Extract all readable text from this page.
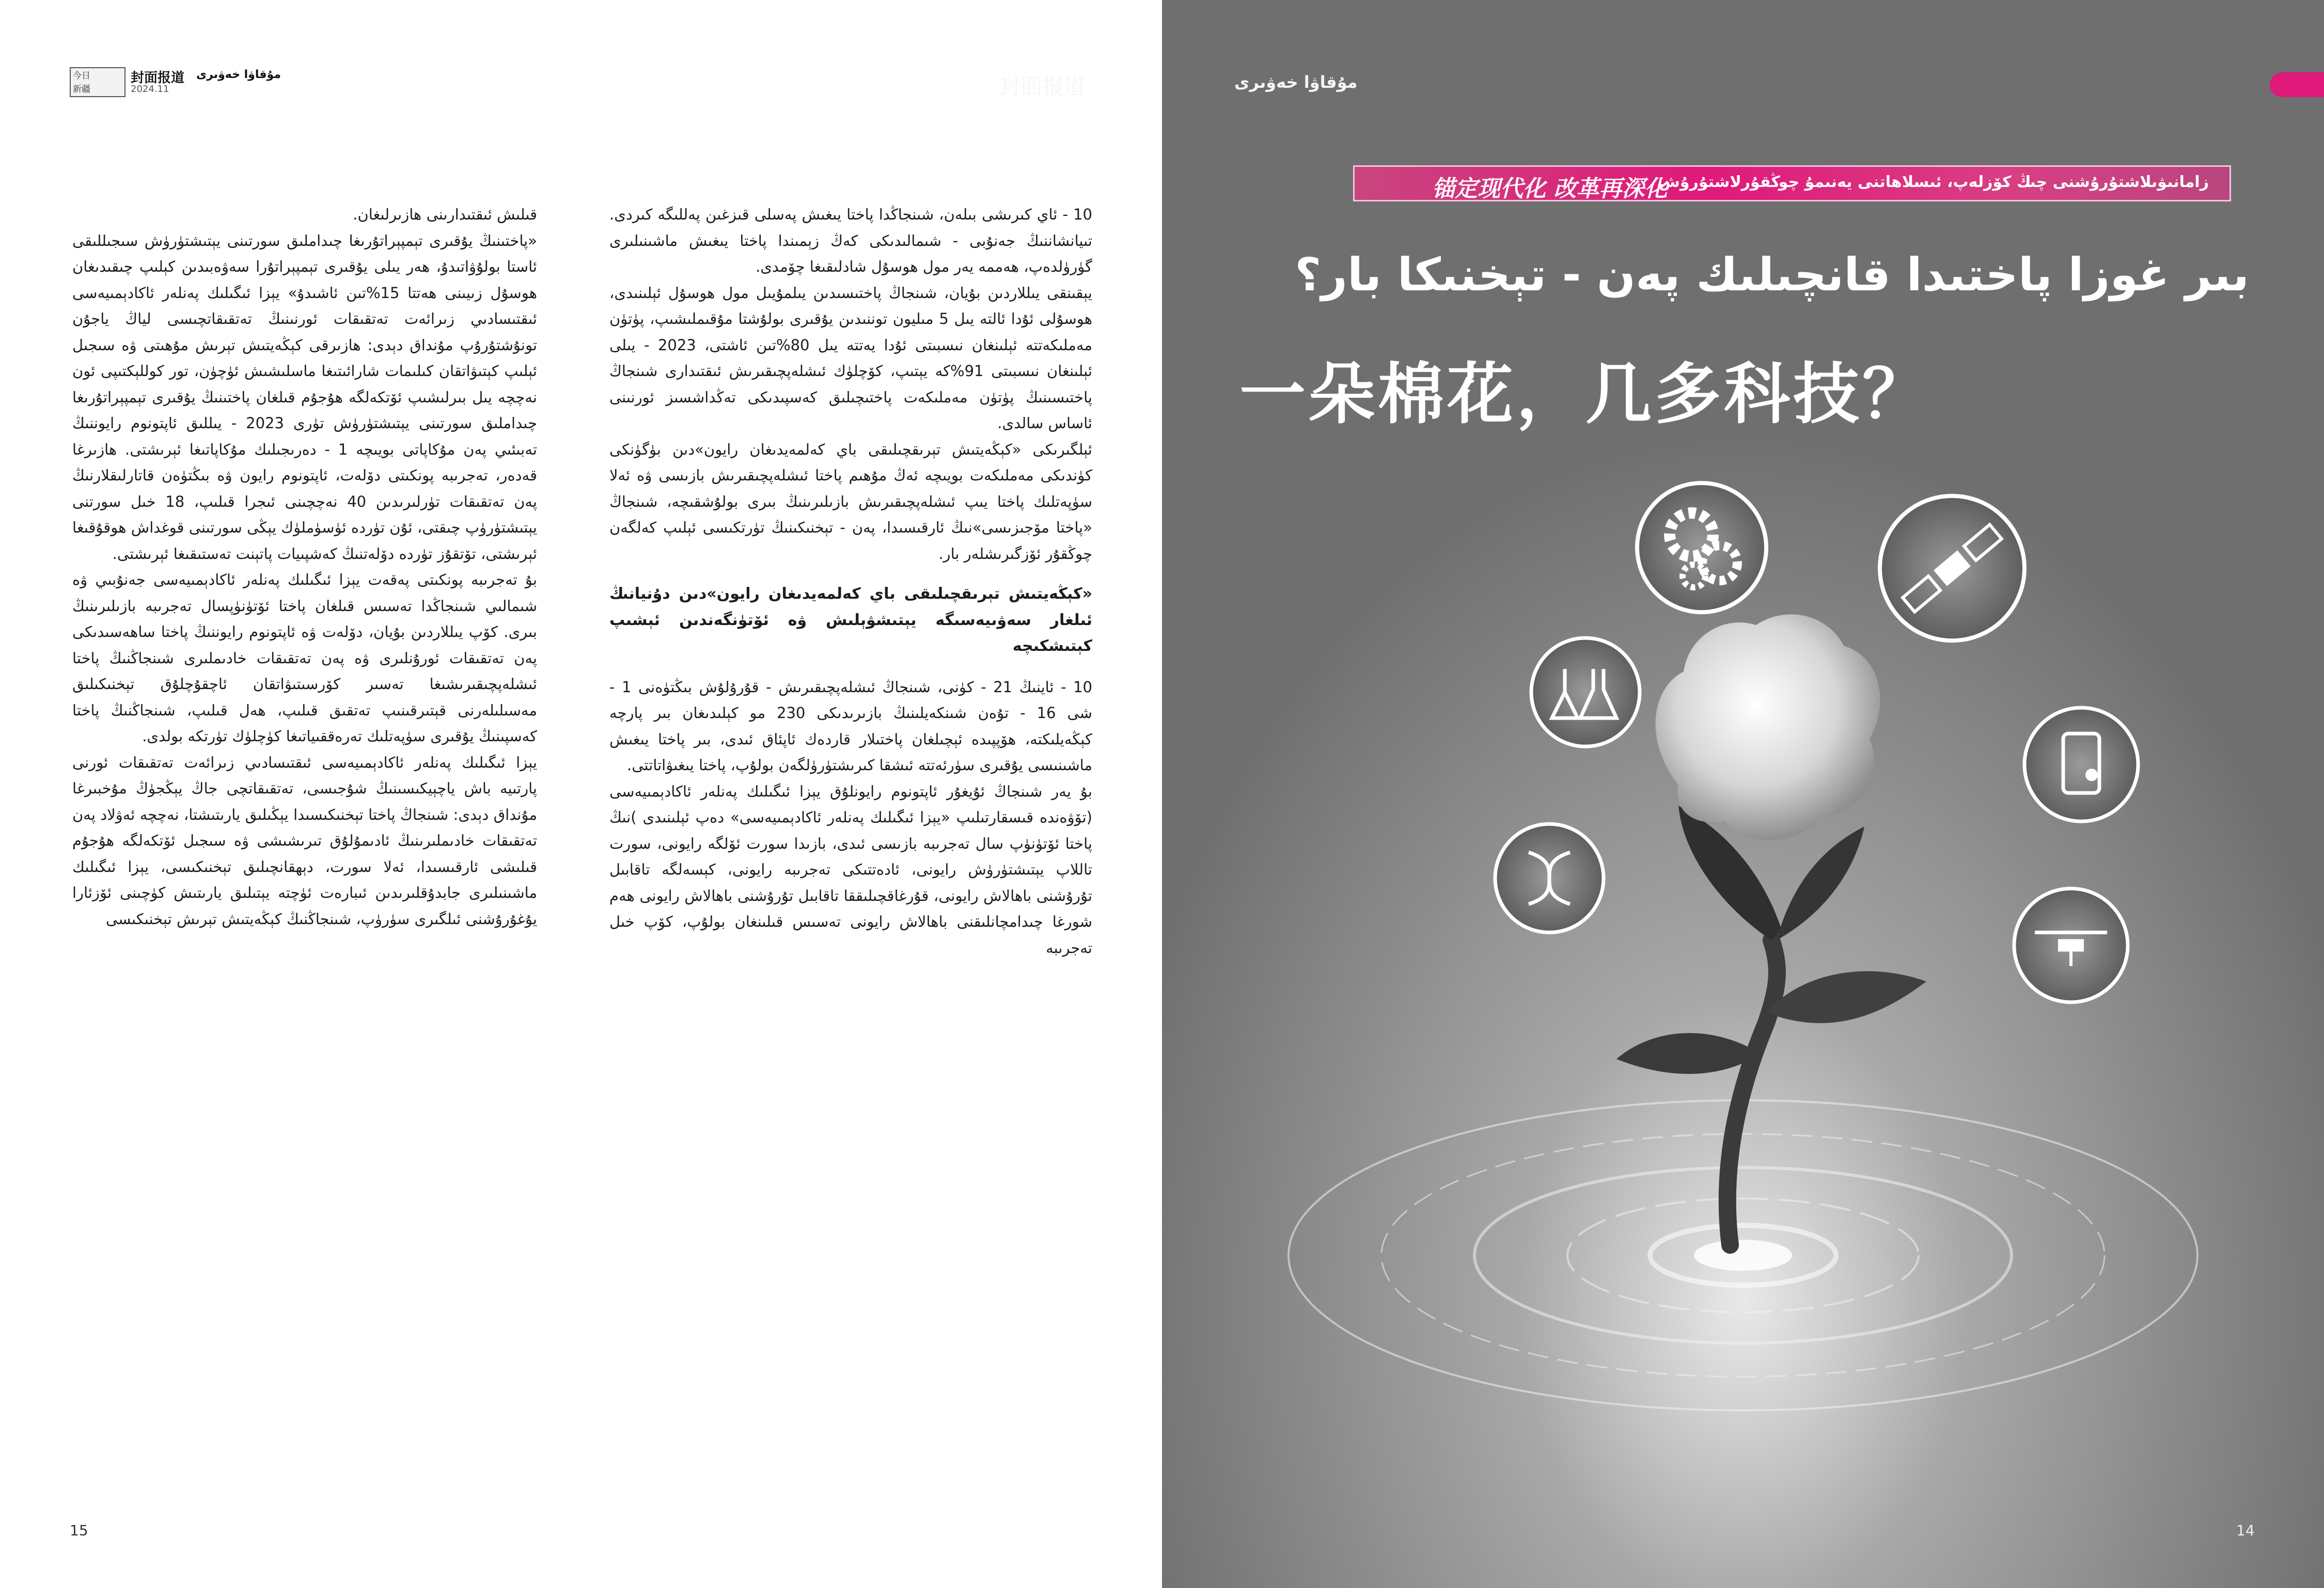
今日
新疆
封面报道 مۇقاۋا خەۋىرى
2024.11

10 - ئاي كىرىشى بىلەن، شىنجاڭدا پاختا يىغىش پەسلى قىزغىن پەللىگە كىردى. تىيانشاننىڭ جەنۇبى - شىمالىدىكى كەڭ زېمىندا پاختا يىغىش ماشىنىلىرى گۈرۈلدەپ، ھەممە يەر مول ھوسۇل شادلىقىغا چۆمدى.

يېقىنقى يىللاردىن بۇيان، شىنجاڭ پاختىسىدىن يىلمۇيىل مول ھوسۇل ئېلىنىدى، ھوسۇلى ئۇدا ئالتە يىل 5 مىليون توننىدىن يۇقىرى بولۇشتا مۇقىملىشىپ، پۈتۈن مەملىكەتتە ئېلىنغان نىسبىتى ئۇدا يەتتە يىل 80%تىن ئاشتى، 2023 - يىلى ئېلىنغان نىسبىتى 91%كە يېتىپ، كۆچلۈك ئىشلەپچىقىرىش ئىقتىدارى شىنجاڭ پاختىسىنىڭ پۈتۈن مەملىكەت پاختىچىلىق كەسپىدىكى تەڭداشسىز ئورنىنى ئاساس سالدى.

ئېلگىرىكى «كېڭەيتىش تېرىقچىلىقى باي كەلمەيدىغان رايون»دىن بۈگۈنكى كۈندىكى مەملىكەت بويىچە ئەڭ مۇھىم پاختا ئىشلەپچىقىرىش بازىسى ۋە ئەلا سۈپەتلىك پاختا يىپ ئىشلەپچىقىرىش بازىلىرىنىڭ بىرى بولۇشقىچە، شىنجاڭ «پاختا مۆجىزىسى»نىڭ ئارقىسىدا، پەن - تېخنىكىنىڭ تۈرتكىسى ئېلىپ كەلگەن چوڭقۇر ئۆزگىرىشلەر بار.

«كېڭەيتىش تېرىقچىلىقى باي كەلمەيدىغان رايون»دىن دۇنيانىڭ ئىلغار سەۋىيەسىگە يېتىشۋېلىش ۋە ئۆتۈنگەندىن ئېشىپ كېتىشكىچە

10 - ئاينىڭ 21 - كۈنى، شىنجاڭ ئىشلەپچىقىرىش - قۇرۇلۇش بىڭتۈەنى 1 - شى 16 - تۇەن شىنكەيلىنىڭ بازىرىدىكى 230 مو كېلىدىغان بىر پارچە كېڭەيلىكتە، ھۆپپىدە ئېچىلغان پاختىلار قاردەك ئاپئاق ئىدى، بىر پاختا يىغىش ماشىنىسى يۇقىرى سۈرئەتتە ئىشقا كىرىشتۈرۈلگەن بولۇپ، پاختا يىغىۋاتاتتى.

بۇ يەر شىنجاڭ ئۇيغۇر ئاپتونوم رايونلۇق يېزا ئىگىلىك پەنلەر ئاكادېمىيەسى (تۆۋەندە قىسقارتىلىپ «يېزا ئىگىلىك پەنلەر ئاكادېمىيەسى» دەپ ئېلىنىدى )نىڭ پاختا ئۆتۈنۈپ سال تەجرىبە بازىسى ئىدى، بازىدا سورت ئۆلگە رايونى، سورت تاللاپ يېتىشتۈرۈش رايونى، ئادەتتىكى تەجرىبە رايونى، كېسەلگە تاقابىل تۇرۇشنى باھالاش رايونى، قۇرغاقچىلىققا تاقابىل تۇرۇشنى باھالاش رايونى ھەم شورغا چىدامچانلىقنى باھالاش رايونى تەسىس قىلىنغان بولۇپ، كۆپ خىل تەجرىبە

قىلىش ئىقتىدارىنى ھازىرلىغان.

«پاختىنىڭ يۇقىرى تېمپېراتۇرىغا چىداملىق سورتىنى يېتىشتۈرۈش سىجىللىقى ئاستا بولۇۋاتىدۇ، ھەر يىلى يۇقىرى تېمپېراتۇرا سەۋەبىدىن كېلىپ چىقىدىغان ھوسۇل زىيىنى ھەتتا 15%تىن ئاشىدۇ» يېزا ئىگىلىك پەنلەر ئاكادېمىيەسى ئىقتىسادىي زىرائەت تەتقىقات ئورنىنىڭ تەتقىقاتچىسى لياڭ ياجۇن تونۇشتۇرۇپ مۇنداق دېدى: ھازىرقى كېڭەيتىش تېرىش مۇھىتى ۋە سىجىل ئېلىپ كېتىۋاتقان كىلىمات شارائىتىغا ماسلىشىش ئۈچۈن، تور كوللېكتىپى ئون نەچچە يىل بىرلىشىپ ئۆتكەلگە ھۇجۇم قىلغان پاختىنىڭ يۇقىرى تېمپېراتۇرىغا چىداملىق سورتىنى يېتىشتۈرۈش تۈرى 2023 - يىللىق ئاپتونوم رايوننىڭ تەبىئىي پەن مۇكاپاتى بويىچە 1 - دەرىجىلىك مۇكاپاتىغا ئېرىشتى. ھازىرغا قەدەر، تەجرىبە پونكىتى دۆلەت، ئاپتونوم رايون ۋە بىڭتۈەن قاتارلىقلارنىڭ پەن تەتقىقات تۈرلىرىدىن 40 نەچچىنى ئىجرا قىلىپ، 18 خىل سورتنى يېتىشتۈرۈپ چىقتى، ئۇن تۈردە ئۈسۈملۈك يېڭى سورتىنى قوغداش ھوقۇقىغا ئېرىشتى، تۆتقۇز تۈردە دۆلەتنىڭ كەشپىيات پاتېنت تەستىقىغا ئېرىشتى.

بۇ تەجرىبە پونكىتى پەقەت يېزا ئىگىلىك پەنلەر ئاكادېمىيەسى جەنۇبىي ۋە شىمالىي شىنجاڭدا تەسىس قىلغان پاختا ئۆتۈنۈپسال تەجرىبە بازىلىرىنىڭ بىرى. كۆپ يىللاردىن بۇيان، دۆلەت ۋە ئاپتونوم رايوننىڭ پاختا ساھەسىدىكى پەن تەتقىقات ئورۇنلىرى ۋە پەن تەتقىقات خادىملىرى شىنجاڭنىڭ پاختا ئىشلەپچىقىرىشىغا تەسىر كۆرسىتىۋاتقان ئاچقۇچلۇق تېخنىكىلىق مەسىلىلەرنى قېتىرقىنىپ تەتقىق قىلىپ، ھەل قىلىپ، شىنجاڭنىڭ پاختا كەسپىنىڭ يۇقىرى سۈپەتلىك تەرەققىياتىغا كۈچلۈك تۈرتكە بولدى.

يېزا ئىگىلىك پەنلەر ئاكادېمىيەسى ئىقتىسادىي زىرائەت تەتقىقات ئورنى پارتىيە باش ياچېيكىسىنىڭ شۇجىسى، تەتقىقاتچى جاڭ يېڭجۈڭ مۇخبىرغا مۇنداق دېدى: شىنجاڭ پاختا تېخنىكىسىدا يېڭىلىق يارىتىشتا، نەچچە ئەۋلاد پەن تەتقىقات خادىملىرىنىڭ ئادىمۇلۇق تىرىشىشى ۋە سىجىل ئۆتكەلگە ھۇجۇم قىلىشى ئارقىسىدا، ئەلا سورت، دېھقانچىلىق تېخنىكىسى، يېزا ئىگىلىك ماشىنىلىرى جابدۇقلىرىدىن ئىبارەت ئۈچتە يېتىلىق يارىتىش كۈچىنى ئۆزئارا يۇغۇرۇشنى ئىلگىرى سۈرۈپ، شىنجاڭنىڭ كېڭەيتىش تېرىش تېخنىكىسى

15
封面报道	مۇقاۋا خەۋىرى
锚定现代化 改革再深化
زامانىۋىلاشتۇرۇشنى چىڭ كۆزلەپ، ئىسلاھاتنى يەنىمۇ چوڭقۇرلاشتۇرۇش
بىر غوزا پاختىدا قانچىلىك پەن - تېخنىكا بار؟
一朵棉花，几多科技？
14
